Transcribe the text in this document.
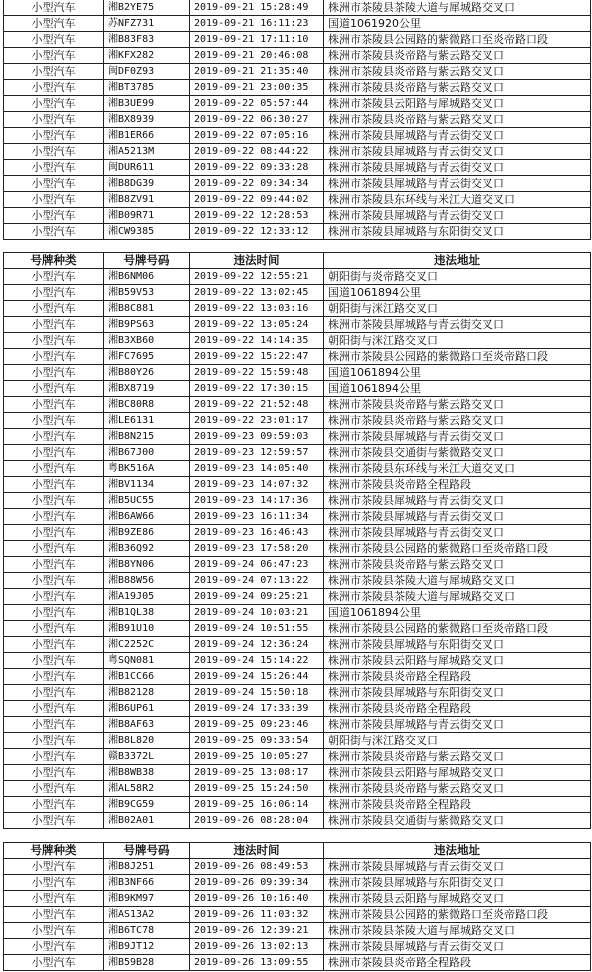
小型汽车	湘B2YE75	2019-09-21 15:28:49	株洲市茶陵县茶陵大道与犀城路交叉口
小型汽车	苏NFZ731	2019-09-21 16:11:23	国道1061920公里
小型汽车	湘B83F83	2019-09-21 17:11:10	株洲市茶陵县公园路的紫微路口至炎帝路口段
小型汽车	湘KFX282	2019-09-21 20:46:08	株洲市茶陵县炎帝路与紫云路交叉口
小型汽车	闽DF0Z93	2019-09-21 21:35:40	株洲市茶陵县炎帝路与紫云路交叉口
小型汽车	湘BT3785	2019-09-21 23:00:35	株洲市茶陵县炎帝路与紫云路交叉口
小型汽车	湘B3UE99	2019-09-22 05:57:44	株洲市茶陵县云阳路与犀城路交叉口
小型汽车	湘BX8939	2019-09-22 06:30:27	株洲市茶陵县炎帝路与紫云路交叉口
小型汽车	湘B1ER66	2019-09-22 07:05:16	株洲市茶陵县犀城路与青云街交叉口
小型汽车	湘A5213M	2019-09-22 08:44:22	株洲市茶陵县犀城路与青云街交叉口
小型汽车	闽DUR611	2019-09-22 09:33:28	株洲市茶陵县犀城路与青云街交叉口
小型汽车	湘B8DG39	2019-09-22 09:34:34	株洲市茶陵县犀城路与青云街交叉口
小型汽车	湘B8ZV91	2019-09-22 09:44:02	株洲市茶陵县东环线与米江大道交叉口
小型汽车	湘B09R71	2019-09-22 12:28:53	株洲市茶陵县犀城路与青云街交叉口
小型汽车	湘CW9385	2019-09-22 12:33:12	株洲市茶陵县犀城路与东阳街交叉口
号牌种类	号牌号码	违法时间	违法地址
小型汽车	湘B6NM06	2019-09-22 12:55:21	朝阳街与炎帝路交叉口
小型汽车	湘B59V53	2019-09-22 13:02:45	国道1061894公里
小型汽车	湘B8C881	2019-09-22 13:03:16	朝阳街与洣江路交叉口
小型汽车	湘B9PS63	2019-09-22 13:05:24	株洲市茶陵县犀城路与青云街交叉口
小型汽车	湘B3XB60	2019-09-22 14:14:35	朝阳街与洣江路交叉口
小型汽车	湘FC7695	2019-09-22 15:22:47	株洲市茶陵县公园路的紫微路口至炎帝路口段
小型汽车	湘B80Y26	2019-09-22 15:59:48	国道1061894公里
小型汽车	湘BX8719	2019-09-22 17:30:15	国道1061894公里
小型汽车	湘BC80R8	2019-09-22 21:52:48	株洲市茶陵县炎帝路与紫云路交叉口
小型汽车	湘LE6131	2019-09-22 23:01:17	株洲市茶陵县炎帝路与紫云路交叉口
小型汽车	湘B8N215	2019-09-23 09:59:03	株洲市茶陵县犀城路与青云街交叉口
小型汽车	湘B67J00	2019-09-23 12:59:57	株洲市茶陵县交通街与紫微路交叉口
小型汽车	粤BK516A	2019-09-23 14:05:40	株洲市茶陵县东环线与米江大道交叉口
小型汽车	湘BV1134	2019-09-23 14:07:32	株洲市茶陵县炎帝路全程路段
小型汽车	湘B5UC55	2019-09-23 14:17:36	株洲市茶陵县犀城路与青云街交叉口
小型汽车	湘B6AW66	2019-09-23 16:11:34	株洲市茶陵县犀城路与青云街交叉口
小型汽车	湘B9ZE86	2019-09-23 16:46:43	株洲市茶陵县犀城路与青云街交叉口
小型汽车	湘B36Q92	2019-09-23 17:58:20	株洲市茶陵县公园路的紫微路口至炎帝路口段
小型汽车	湘B8YN06	2019-09-24 06:47:23	株洲市茶陵县炎帝路与紫云路交叉口
小型汽车	湘B88W56	2019-09-24 07:13:22	株洲市茶陵县茶陵大道与犀城路交叉口
小型汽车	湘A19J05	2019-09-24 09:25:21	株洲市茶陵县茶陵大道与犀城路交叉口
小型汽车	湘B1QL38	2019-09-24 10:03:21	国道1061894公里
小型汽车	湘B91U10	2019-09-24 10:51:55	株洲市茶陵县公园路的紫微路口至炎帝路口段
小型汽车	湘C2252C	2019-09-24 12:36:24	株洲市茶陵县犀城路与东阳街交叉口
小型汽车	粤SQN081	2019-09-24 15:14:22	株洲市茶陵县云阳路与犀城路交叉口
小型汽车	湘B1CC66	2019-09-24 15:26:44	株洲市茶陵县炎帝路全程路段
小型汽车	湘B82128	2019-09-24 15:50:18	株洲市茶陵县犀城路与东阳街交叉口
小型汽车	湘B6UP61	2019-09-24 17:33:39	株洲市茶陵县炎帝路全程路段
小型汽车	湘B8AF63	2019-09-25 09:23:46	株洲市茶陵县犀城路与青云街交叉口
小型汽车	湘B8L820	2019-09-25 09:33:54	朝阳街与洣江路交叉口
小型汽车	赣B3372L	2019-09-25 10:05:27	株洲市茶陵县炎帝路与紫云路交叉口
小型汽车	湘B8WB38	2019-09-25 13:08:17	株洲市茶陵县云阳路与犀城路交叉口
小型汽车	湘AL58R2	2019-09-25 15:24:50	株洲市茶陵县炎帝路与紫云路交叉口
小型汽车	湘B9CG59	2019-09-25 16:06:14	株洲市茶陵县炎帝路全程路段
小型汽车	湘B02A01	2019-09-26 08:28:04	株洲市茶陵县交通街与紫微路交叉口
号牌种类	号牌号码	违法时间	违法地址
小型汽车	湘B8J251	2019-09-26 08:49:53	株洲市茶陵县犀城路与青云街交叉口
小型汽车	湘B3NF66	2019-09-26 09:39:34	株洲市茶陵县犀城路与东阳街交叉口
小型汽车	湘B9KM97	2019-09-26 10:16:40	株洲市茶陵县云阳路与犀城路交叉口
小型汽车	湘AS13A2	2019-09-26 11:03:32	株洲市茶陵县公园路的紫微路口至炎帝路口段
小型汽车	湘B6TC78	2019-09-26 12:39:21	株洲市茶陵县茶陵大道与犀城路交叉口
小型汽车	湘B9JT12	2019-09-26 13:02:13	株洲市茶陵县犀城路与青云街交叉口
小型汽车	湘B59B28	2019-09-26 13:09:55	株洲市茶陵县炎帝路全程路段
